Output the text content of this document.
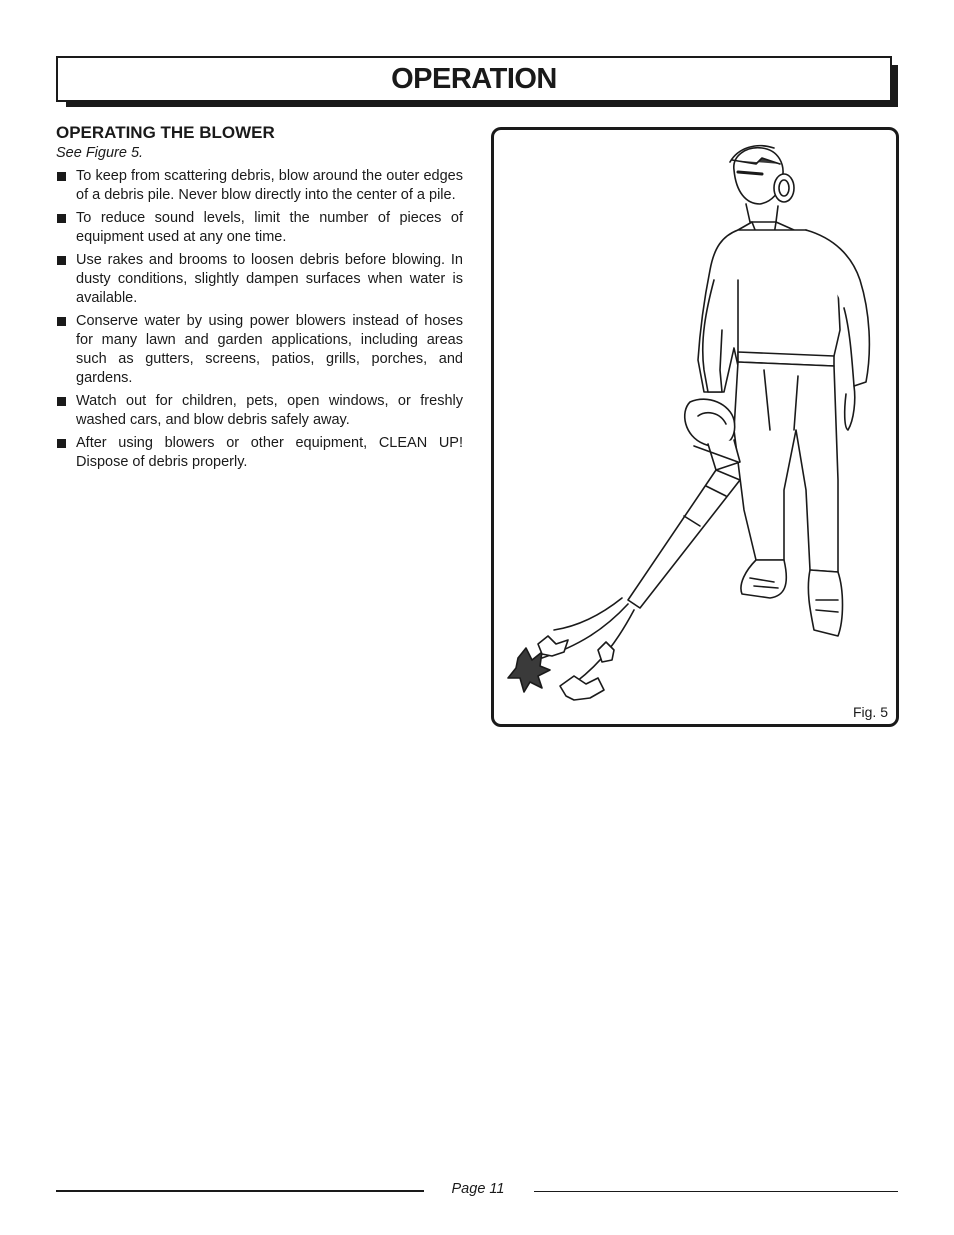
OPERATION
OPERATING THE BLOWER

See Figure 5.

To keep from scattering debris, blow around the outer edges of a debris pile. Never blow directly into the center of a pile.
To reduce sound levels, limit the number of pieces of equipment used at any one time.
Use rakes and brooms to loosen debris before blowing. In dusty conditions, slightly dampen surfaces when water is available.
Conserve water by using power blowers instead of hoses for many lawn and garden applications, including areas such as gutters, screens, patios, grills, porches, and gardens.
Watch out for children, pets, open windows, or freshly washed cars, and blow debris safely away.
After using blowers or other equipment, CLEAN UP! Dispose of debris properly.
Fig. 5
Page 11
